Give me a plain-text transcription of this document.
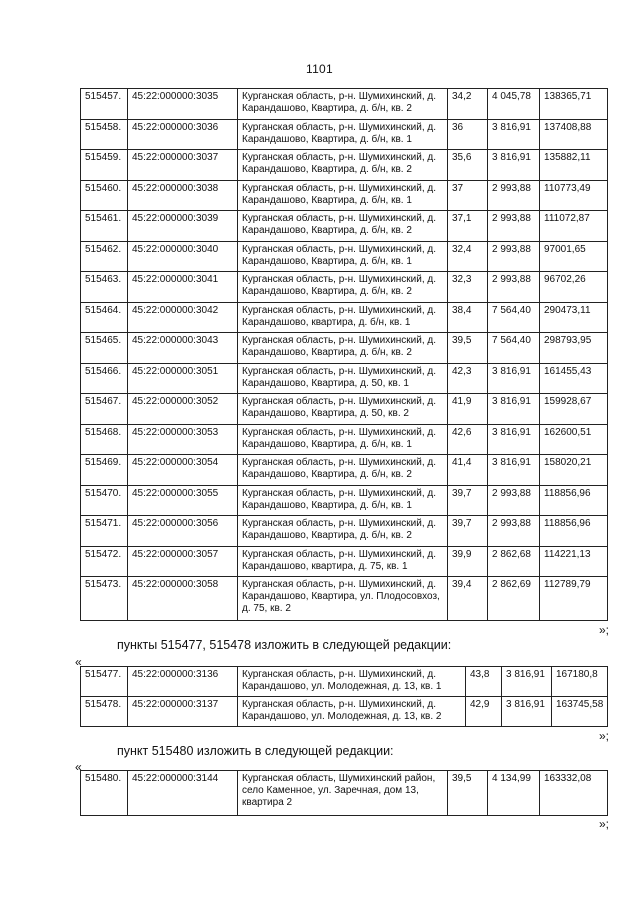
1101
515457.	45:22:000000:3035	Курганская область, р-н. Шумихинский, д. Карандашово, Квартира, д. б/н, кв. 2	34,2	4 045,78	138365,71
515458.	45:22:000000:3036	Курганская область, р-н. Шумихинский, д. Карандашово, Квартира, д. б/н, кв. 1	36	3 816,91	137408,88
515459.	45:22:000000:3037	Курганская область, р-н. Шумихинский, д. Карандашово, Квартира, д. б/н, кв. 2	35,6	3 816,91	135882,11
515460.	45:22:000000:3038	Курганская область, р-н. Шумихинский, д. Карандашово, Квартира, д. б/н, кв. 1	37	2 993,88	110773,49
515461.	45:22:000000:3039	Курганская область, р-н. Шумихинский, д. Карандашово, Квартира, д. б/н, кв. 2	37,1	2 993,88	111072,87
515462.	45:22:000000:3040	Курганская область, р-н. Шумихинский, д. Карандашово, Квартира, д. б/н, кв. 1	32,4	2 993,88	97001,65
515463.	45:22:000000:3041	Курганская область, р-н. Шумихинский, д. Карандашово, Квартира, д. б/н, кв. 2	32,3	2 993,88	96702,26
515464.	45:22:000000:3042	Курганская область, р-н. Шумихинский, д. Карандашово, квартира, д. б/н, кв. 1	38,4	7 564,40	290473,11
515465.	45:22:000000:3043	Курганская область, р-н. Шумихинский, д. Карандашово, Квартира, д. б/н, кв. 2	39,5	7 564,40	298793,95
515466.	45:22:000000:3051	Курганская область, р-н. Шумихинский, д. Карандашово, Квартира, д. 50, кв. 1	42,3	3 816,91	161455,43
515467.	45:22:000000:3052	Курганская область, р-н. Шумихинский, д. Карандашово, Квартира, д. 50, кв. 2	41,9	3 816,91	159928,67
515468.	45:22:000000:3053	Курганская область, р-н. Шумихинский, д. Карандашово, Квартира, д. б/н, кв. 1	42,6	3 816,91	162600,51
515469.	45:22:000000:3054	Курганская область, р-н. Шумихинский, д. Карандашово, Квартира, д. б/н, кв. 2	41,4	3 816,91	158020,21
515470.	45:22:000000:3055	Курганская область, р-н. Шумихинский, д. Карандашово, Квартира, д. б/н, кв. 1	39,7	2 993,88	118856,96
515471.	45:22:000000:3056	Курганская область, р-н. Шумихинский, д. Карандашово, Квартира, д. б/н, кв. 2	39,7	2 993,88	118856,96
515472.	45:22:000000:3057	Курганская область, р-н. Шумихинский, д. Карандашово, квартира, д. 75, кв. 1	39,9	2 862,68	114221,13
515473.	45:22:000000:3058	Курганская область, р-н. Шумихинский, д. Карандашово, Квартира, ул. Плодосовхоз, д. 75, кв. 2	39,4	2 862,69	112789,79
»;
пункты 515477, 515478 изложить в следующей редакции:
«
515477.	45:22:000000:3136	Курганская область, р-н. Шумихинский, д. Карандашово, ул. Молодежная, д. 13, кв. 1	43,8	3 816,91	167180,8
515478.	45:22:000000:3137	Курганская область, р-н. Шумихинский, д. Карандашово, ул. Молодежная, д. 13, кв. 2	42,9	3 816,91	163745,58
»;
пункт 515480 изложить в следующей редакции:
«
515480.	45:22:000000:3144	Курганская область, Шумихинский район, село Каменное, ул. Заречная, дом 13, квартира 2	39,5	4 134,99	163332,08
»;
